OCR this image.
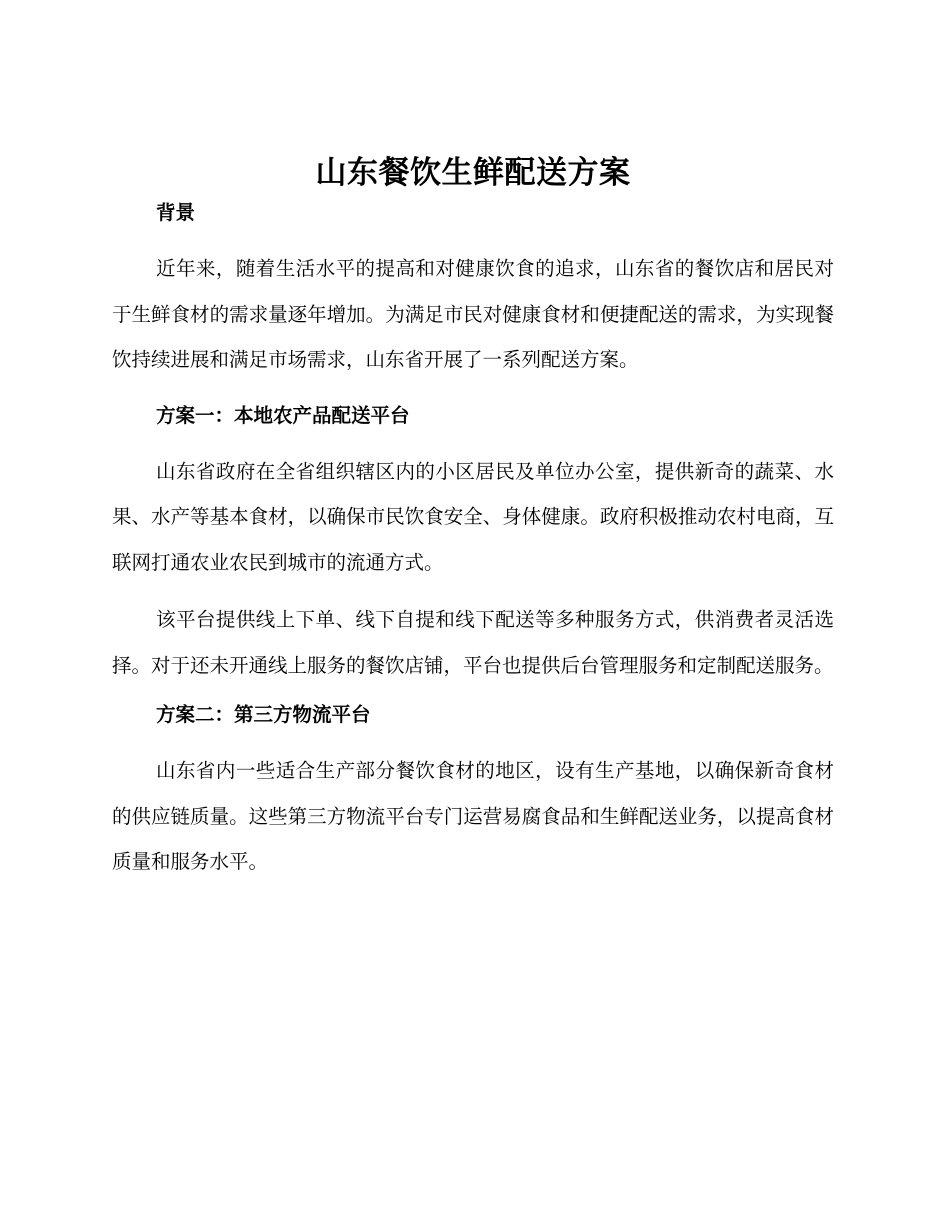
山东餐饮生鲜配送方案
背景

近年来，随着生活水平的提高和对健康饮食的追求，山东省的餐饮店和居民对于生鲜食材的需求量逐年增加。为满足市民对健康食材和便捷配送的需求，为实现餐饮持续进展和满足市场需求，山东省开展了一系列配送方案。

方案一：本地农产品配送平台

山东省政府在全省组织辖区内的小区居民及单位办公室，提供新奇的蔬菜、水果、水产等基本食材，以确保市民饮食安全、身体健康。政府积极推动农村电商，互联网打通农业农民到城市的流通方式。

该平台提供线上下单、线下自提和线下配送等多种服务方式，供消费者灵活选择。对于还未开通线上服务的餐饮店铺，平台也提供后台管理服务和定制配送服务。

方案二：第三方物流平台

山东省内一些适合生产部分餐饮食材的地区，设有生产基地，以确保新奇食材的供应链质量。这些第三方物流平台专门运营易腐食品和生鲜配送业务，以提高食材质量和服务水平。
